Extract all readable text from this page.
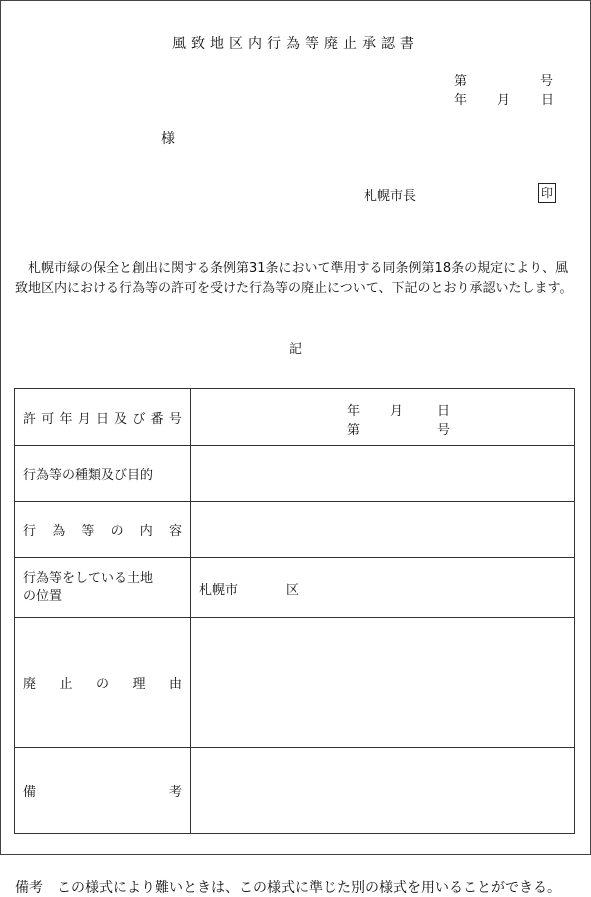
風致地区内行為等廃止承認書
第	号
年 月 日
様
札幌市長	印
札幌市緑の保全と創出に関する条例第31条において準用する同条例第18条の規定により、風致地区内における行為等の許可を受けた行為等の廃止について、下記のとおり承認いたします。
記
許 可 年 月 日 及 び 番 号	年 月	日
第	号
行為等の種類及び目的
行 為 等 の 内 容
行為等をしている土地の位置	札幌市	区
廃 止 の 理 由
備	考
備考　この様式により難いときは、この様式に準じた別の様式を用いることができる。
